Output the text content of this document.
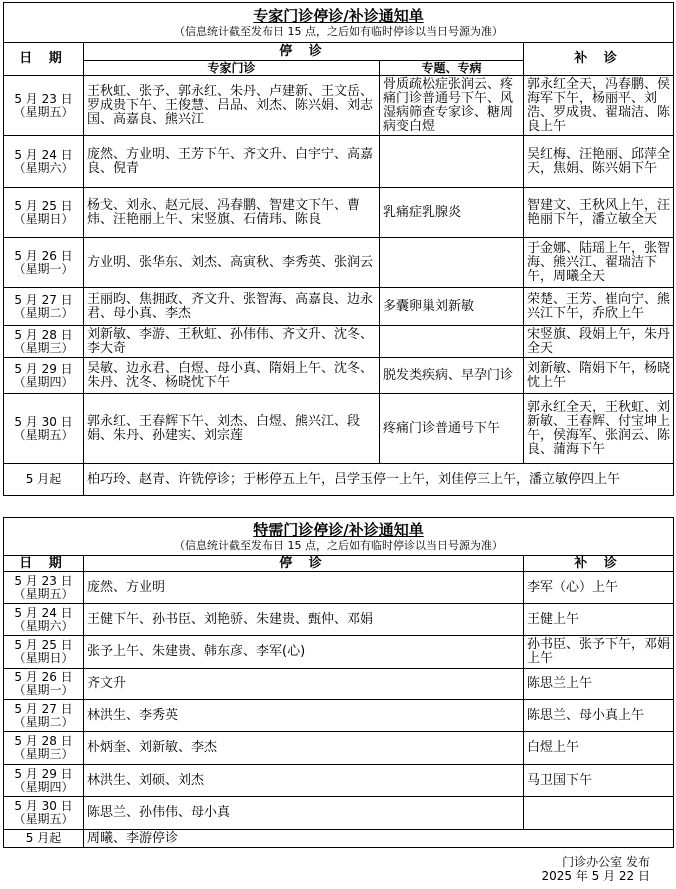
专家门诊停诊/补诊通知单
（信息统计截至发布日 15 点，之后如有临时停诊以当日号源为准）			

日 期	停 诊		补 诊
	专家门诊	专题、专病	

5 月 23 日
（星期五）	王秋虹、张予、郭永红、朱丹、卢建新、王文岳、罗成贵下午、王俊慧、吕品、刘杰、陈兴娟、刘志国、高嘉良、熊兴江	骨质疏松症张润云、疼痛门诊普通号下午、风湿病筛查专家诊、糖周病变白煜	郭永红全天，冯春鹏、侯海军下午，杨丽平、刘浩、罗成贵、翟瑞洁、陈良上午

5 月 24 日
（星期六）	庞然、方业明、王芳下午、齐文升、白宇宁、高嘉良、倪青		吴红梅、汪艳丽、邱萍全天，焦娟、陈兴娟下午

5 月 25 日
（星期日）	杨戈、刘永、赵元辰、冯春鹏、智建文下午、曹炜、汪艳丽上午、宋竖旗、石倩玮、陈良	乳痛症乳腺炎	智建文、王秋风上午，汪艳丽下午，潘立敏全天

5 月 26 日
（星期一）	方业明、张华东、刘杰、高寅秋、李秀英、张润云		于金娜、陆瑶上午，张智海、熊兴江、翟瑞洁下午，周曦全天

5 月 27 日
（星期二）	王丽昀、焦拥政、齐文升、张智海、高嘉良、边永君、母小真、李杰	多囊卵巢刘新敏	荣楚、王芳、崔向宁、熊兴江下午，乔欣上午

5 月 28 日
（星期三）	刘新敏、李游、王秋虹、孙伟伟、齐文升、沈冬、李大奇		宋竖旗、段娟上午，朱丹全天

5 月 29 日
（星期四）	吴敏、边永君、白煜、母小真、隋娟上午、沈冬、朱丹、沈冬、杨晓忱下午	脱发类疾病、早孕门诊	刘新敏、隋娟下午，杨晓忱上午

5 月 30 日
（星期五）	郭永红、王春辉下午、刘杰、白煜、熊兴江、段娟、朱丹、孙建实、刘宗莲	疼痛门诊普通号下午	郭永红全天，王秋虹、刘新敏、王春辉、付宝坤上午，侯海军、张润云、陈良、蒲海下午
5 月起	柏巧玲、赵青、许铣停诊；于彬停五上午，吕学玉停一上午，刘佳停三上午，潘立敏停四上午		
特需门诊停诊/补诊通知单
（信息统计截至发布日 15 点，之后如有临时停诊以当日号源为准）		

日 期	停 诊	补 诊

5 月 23 日
（星期五）	庞然、方业明	李军（心）上午

5 月 24 日
（星期六）	王健下午、孙书臣、刘艳骄、朱建贵、甄仲、邓娟	王健上午

5 月 25 日
（星期日）	张予上午、朱建贵、韩东彦、李军(心)	孙书臣、张予下午，邓娟上午

5 月 26 日
（星期一）	齐文升	陈思兰上午

5 月 27 日
（星期二）	林洪生、李秀英	陈思兰、母小真上午

5 月 28 日
（星期三）	朴炳奎、刘新敏、李杰	白煜上午

5 月 29 日
（星期四）	林洪生、刘硕、刘杰	马卫国下午

5 月 30 日
（星期五）	陈思兰、孙伟伟、母小真	
5 月起	周曦、李游停诊	
门诊办公室 发布
2025 年 5 月 22 日
